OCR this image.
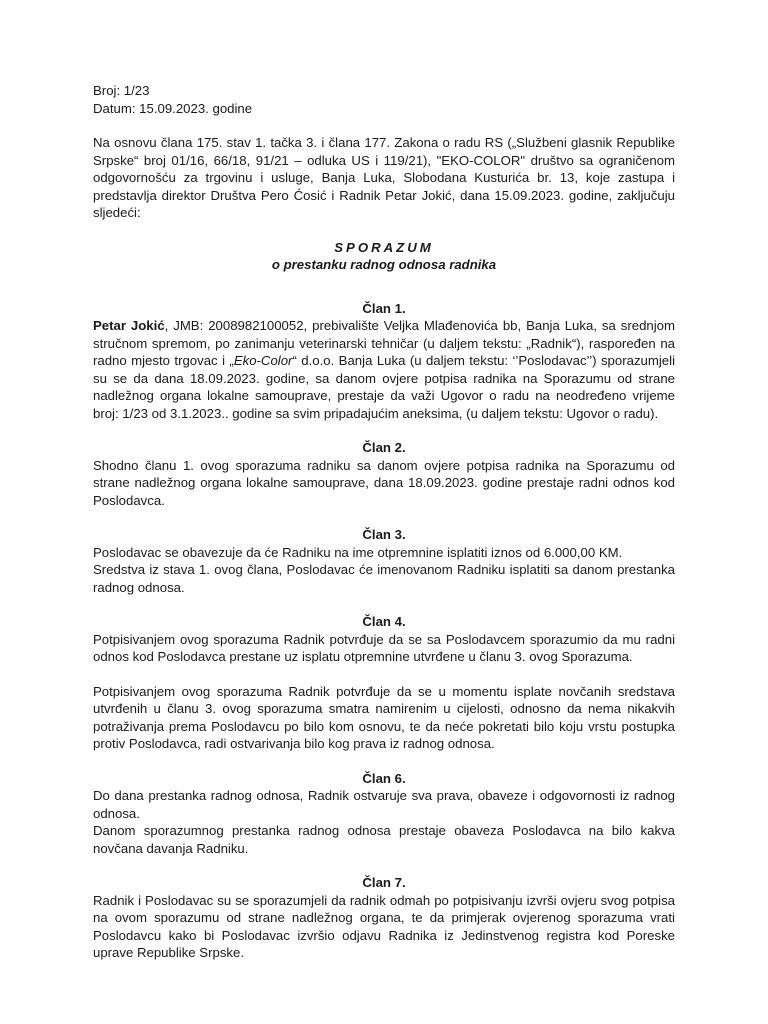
Broj: 1/23

Datum: 15.09.2023. godine

Na osnovu člana 175. stav 1. tačka 3. i člana 177. Zakona o radu RS („Službeni glasnik Republike Srpske“ broj 01/16, 66/18, 91/21 – odluka US i 119/21), "EKO-COLOR" društvo sa ograničenom odgovornošću za trgovinu i usluge, Banja Luka, Slobodana Kusturića br. 13, koje zastupa i predstavlja direktor Društva Pero Ćosić i Radnik Petar Jokić, dana 15.09.2023. godine, zaključuju sljedeći:

SPORAZUM

o prestanku radnog odnosa radnika

Član 1.

Petar Jokić, JMB: 2008982100052, prebivalište Veljka Mlađenovića bb, Banja Luka, sa srednjom stručnom spremom, po zanimanju veterinarski tehničar (u daljem tekstu: „Radnik“), raspoređen na radno mjesto trgovac i „Eko-Color“ d.o.o. Banja Luka (u daljem tekstu: ‘’Poslodavac’’) sporazumjeli su se da dana 18.09.2023. godine, sa danom ovjere potpisa radnika na Sporazumu od strane nadležnog organa lokalne samouprave, prestaje da važi Ugovor o radu na neodređeno vrijeme broj: 1/23 od 3.1.2023.. godine sa svim pripadajućim aneksima, (u daljem tekstu: Ugovor o radu).

Član 2.

Shodno članu 1. ovog sporazuma radniku sa danom ovjere potpisa radnika na Sporazumu od strane nadležnog organa lokalne samouprave, dana 18.09.2023. godine prestaje radni odnos kod Poslodavca.

Član 3.

Poslodavac se obavezuje da će Radniku na ime otpremnine isplatiti iznos od 6.000,00 KM.

Sredstva iz stava 1. ovog člana, Poslodavac će imenovanom Radniku isplatiti sa danom prestanka radnog odnosa.

Član 4.

Potpisivanjem ovog sporazuma Radnik potvrđuje da se sa Poslodavcem sporazumio da mu radni odnos kod Poslodavca prestane uz isplatu otpremnine utvrđene u članu 3. ovog Sporazuma.

Potpisivanjem ovog sporazuma Radnik potvrđuje da se u momentu isplate novčanih sredstava utvrđenih u članu 3. ovog sporazuma smatra namirenim u cijelosti, odnosno da nema nikakvih potraživanja prema Poslodavcu po bilo kom osnovu, te da neće pokretati bilo koju vrstu postupka protiv Poslodavca, radi ostvarivanja bilo kog prava iz radnog odnosa.

Član 6.

Do dana prestanka radnog odnosa, Radnik ostvaruje sva prava, obaveze i odgovornosti iz radnog odnosa.

Danom sporazumnog prestanka radnog odnosa prestaje obaveza Poslodavca na bilo kakva novčana davanja Radniku.

Član 7.

Radnik i Poslodavac su se sporazumjeli da radnik odmah po potpisivanju izvrši ovjeru svog potpisa na ovom sporazumu od strane nadležnog organa, te da primjerak ovjerenog sporazuma vrati Poslodavcu kako bi Poslodavac izvršio odjavu Radnika iz Jedinstvenog registra kod Poreske uprave Republike Srpske.
